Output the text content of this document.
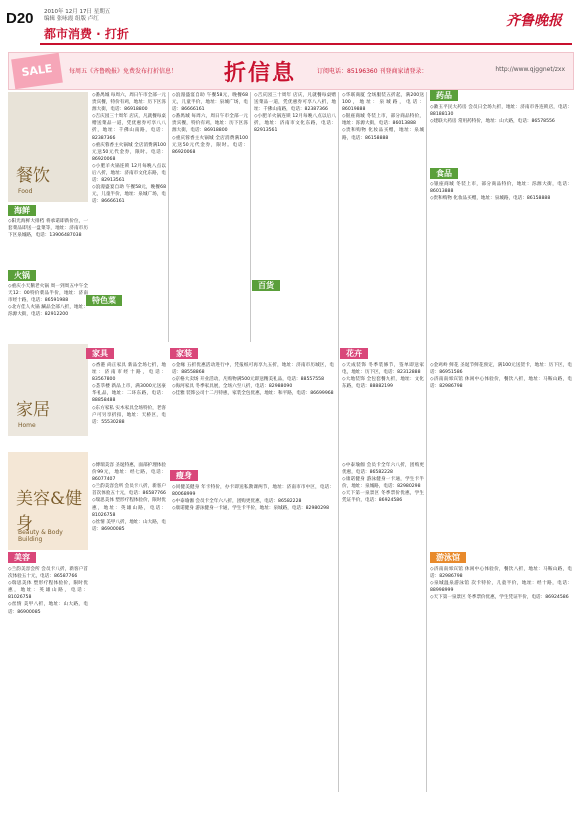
D20 2010年 12月 17日 星期五
编辑 张咏霞 组版 卢红
都市消费 · 打折
齐鲁晚报
SALE	每周五《齐鲁晚报》免费发布打折信息！ 折信息	订阅电话：85196360 刊登商家请登录：	http://www.qjggnet/zxx
餐饮
Food
家居
Home
美容&健身
Beauty & Body Building
海鲜
火锅
特色菜
家具	家装
百货
食品
瘦身
美容	游泳馆
花卉
药品
◇阳光海鲜大排档 将承诺即新价位，一套菜品即送一盘菜等，地址：济南市历下区泉城路，电话：13906487038
◇重庆小天鹅老火锅 周一到周五中午全天12：00特价菜品半价，地址：济南市经十路，电话：86591988
◇北方佳人火锅 涮品全部八折，地址：泺源大街，电话：82912200
◇番禺城 每周六，周日午市全部一元贵宾餐，特价有鸡，地址：历下区泺源大街，电话：86918800
◇吉庆园三十周年 店庆，凡就餐每桌赠送菜品一道，凭优惠券可享八八折，地址：千佛山南路，电话：82387366
◇重庆蓉香主火锅城 全店消费满100元送50元代金券，限时。电话：86920068
◇小肥羊火锅连锁 12月每晚八点以后八折，地址：济南市文化东路，电话：82913561
◇浪漫盛宴自助 午餐58元，晚餐68元，儿童半价，地址：泉城广场，电话：86666161
◇浪漫盛宴自助 午餐58元，晚餐68元，儿童半价，地址：泉城广场，电话：86666161
◇番禺城 每周六，周日午市全部一元贵宾餐，特价有鸡，地址：历下区泺源大街，电话：86918800
◇重庆蓉香主火锅城 全店消费满100元送50元代金券，限时。电话：86920068
◇吉庆园三十周年 店庆，凡就餐每桌赠送菜品一道，凭优惠券可享八八折，地址：千佛山南路，电话：82387366
◇小肥羊火锅连锁 12月每晚八点以后八折，地址：济南市文化东路，电话：82913561
◇华联商厦 全场服装五折起，满200送100，地址：泉城路，电话：86019888
◇银座商城 冬装上市，部分商品特价，地址：泺源大街，电话：86013888
◇贵和购物 化妆品买赠，地址：泉城路，电话：86158888
◇漱玉平民大药房 会员日全场九折，地址：济南市各连锁店，电话：88188130
◇建联大药房 常用药特价，地址：山大路，电话：86578556
◇银座商城 冬装上市，部分商品特价，地址：泺源大街，电话：86013888
◇贵和购物 化妆品买赠，地址：泉城路，电话：86158888
◇香港 尚正家具 新品全场七折，地址：济南市经十路，电话：83567800
◇荟萃楼 新品上市，满3000元送豪华礼品，地址：二环东路，电话：88858488
◇东方家私 实木家具全场特价，老客户可另享折扣，地址：天桥区，电话：55530288
◇金缘 五折优惠活动进行中，凭报纸可再享九五折，地址：济南市历城区，电话：88558868
◇京格大卖场 开业活动，凡购物满500元即送精美礼品，电话：88557558
◇海河家具 冬季家具展，全场六至八折，电话：82988090
◇佳雅 装饰公司十二月特惠，家装全包优惠，地址：和平路，电话：86699968
◇天成装饰 冬季装修节，签单即送家电，地址：历下区，电话：82312888
◇大地装饰 全包套餐九折，地址：文化东路，电话：88882199
◇金鸡岭 鲜花 圣诞节鲜花预定，满100元送贺卡，地址：历下区，电话：86951586
◇济南南郊宾馆 休闲中心体验价，餐饮八折，地址：马鞍山路，电话：82986798
◇博瑞美容 圣诞特惠，面部护理体验价99元，地址：经七路，电话：86077407
◇兰韵美容会所 会员卡八折，新客户首次体验五十元，电话：86587766
◇瑞思美体 塑形疗程体验价，限时优惠，地址：英雄山路，电话：81026758
◇丝情 美甲八折，地址：山大路，电话：86900085
◇兰韵美容会所 会员卡八折，新客户首次体验五十元，电话：86587766
◇瑞思美体 塑形疗程体验价，限时优惠，地址：英雄山路，电话：81026758
◇丝情 美甲八折，地址：山大路，电话：86900085
◇同健美健身 年卡特价，办卡即送私教课两节，地址：济南市市中区，电话：80068999
◇中泰瑜伽 会员卡全年六八折，团购更优惠，电话：86582228
◇康诺健身 游泳健身一卡通，学生卡半价，地址：泉城路，电话：82980298
◇中泰瑜伽 会员卡全年六八折，团购更优惠，电话：86582228
◇康诺健身 游泳健身一卡通，学生卡半价，地址：泉城路，电话：82980298
◇天下第一泉景区 冬季票价优惠，学生凭证半价，电话：86924586
◇济南南郊宾馆 休闲中心体验价，餐饮八折，地址：马鞍山路，电话：82986798
◇泉城温泉游泳馆 次卡特价，儿童半价，地址：经十路，电话：88998999
◇天下第一泉景区 冬季票价优惠，学生凭证半价，电话：86924586
